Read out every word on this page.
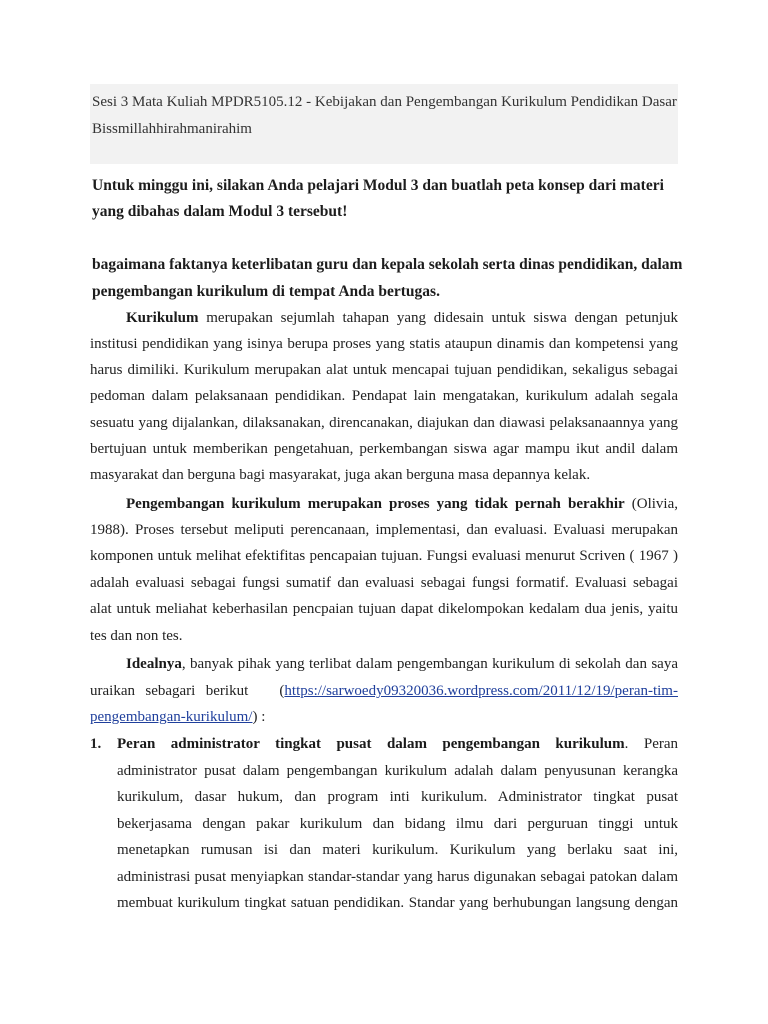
Sesi 3 Mata Kuliah MPDR5105.12 - Kebijakan dan Pengembangan Kurikulum Pendidikan Dasar
Bissmillahhirahmanirahim
Untuk minggu ini, silakan Anda pelajari Modul 3 dan buatlah peta konsep dari materi
yang dibahas dalam Modul 3 tersebut!
bagaimana faktanya keterlibatan guru dan kepala sekolah serta dinas pendidikan, dalam
pengembangan kurikulum di tempat Anda bertugas.
Kurikulum merupakan sejumlah tahapan yang didesain untuk siswa dengan petunjuk
institusi pendidikan yang isinya berupa proses yang statis ataupun dinamis dan kompetensi yang
harus dimiliki. Kurikulum merupakan alat untuk mencapai tujuan pendidikan, sekaligus sebagai
pedoman dalam pelaksanaan pendidikan. Pendapat lain mengatakan, kurikulum adalah segala
sesuatu yang dijalankan, dilaksanakan, direncanakan, diajukan dan diawasi pelaksanaannya yang
bertujuan untuk memberikan pengetahuan, perkembangan siswa agar mampu ikut andil dalam
masyarakat dan berguna bagi masyarakat, juga akan berguna masa depannya kelak.
Pengembangan kurikulum merupakan proses yang tidak pernah berakhir (Olivia,
1988). Proses tersebut meliputi perencanaan, implementasi, dan evaluasi. Evaluasi merupakan
komponen untuk melihat efektifitas pencapaian tujuan. Fungsi evaluasi menurut Scriven ( 1967 )
adalah evaluasi sebagai fungsi sumatif dan evaluasi sebagai fungsi formatif. Evaluasi sebagai
alat untuk meliahat keberhasilan pencpaian tujuan dapat dikelompokan kedalam dua jenis, yaitu
tes dan non tes.
Idealnya, banyak pihak yang terlibat dalam pengembangan kurikulum di sekolah dan saya
uraikan sebagari berikut   (https://sarwoedy09320036.wordpress.com/2011/12/19/peran-tim-
pengembangan-kurikulum/) :
1. Peran administrator tingkat pusat dalam pengembangan kurikulum. Peran
administrator pusat dalam pengembangan kurikulum adalah dalam penyusunan kerangka
kurikulum, dasar hukum, dan program inti kurikulum. Administrator tingkat pusat
bekerjasama dengan pakar kurikulum dan bidang ilmu dari perguruan tinggi untuk
menetapkan rumusan isi dan materi kurikulum. Kurikulum yang berlaku saat ini,
administrasi pusat menyiapkan standar-standar yang harus digunakan sebagai patokan dalam
membuat kurikulum tingkat satuan pendidikan. Standar yang berhubungan langsung dengan
